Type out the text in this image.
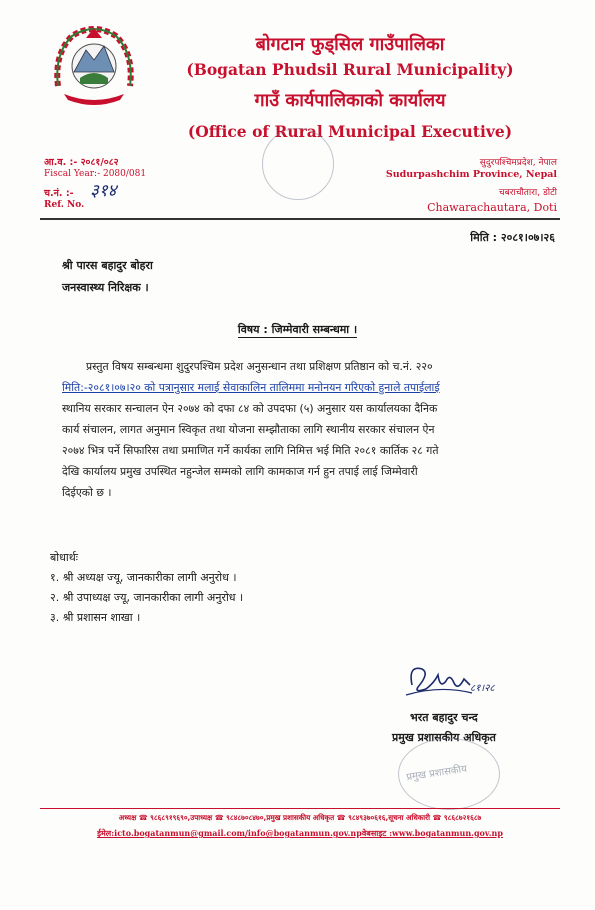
बोगटान फुड्सिल गाउँपालिका
(Bogatan Phudsil Rural Municipality)
गाउँ कार्यपालिकाको कार्यालय
(Office of Rural Municipal Executive)
आ.व. :- २०८१/०८२
Fiscal Year:- 2080/081
च.नं. :- ३१४
Ref. No.
सुदुरपश्चिमप्रदेश, नेपाल
Sudurpashchim Province, Nepal
चबराचौतारा, डोटी
Chawarachautara, Doti
मिति : २०८१।०७।२६
श्री पारस बहादुर बोहरा
जनस्वास्थ्य निरिक्षक ।
विषय : जिम्मेवारी सम्बन्धमा ।
प्रस्तुत विषय सम्बन्धमा शुदुरपश्चिम प्रदेश अनुसन्धान तथा प्रशिक्षण प्रतिष्ठान को च.नं. २२०
मिति:-२०८१।०७।२० को पत्रानुसार मलाई सेवाकालिन तालिममा मनोनयन गरिएको हुनाले तपाईलाई
स्थानिय सरकार सन्चालन ऐन २०७४ को दफा ८४ को उपदफा (५) अनुसार यस कार्यालयका दैनिक
कार्य संचालन, लागत अनुमान स्विकृत तथा योजना सम्झौताका लागि स्थानीय सरकार संचालन ऐन
२०७४ भित्र पर्ने सिफारिस तथा प्रमाणित गर्ने कार्यका लागि निमित्त भई मिति २०८१ कार्तिक २८ गते
देखि कार्यालय प्रमुख उपस्थित नहुन्जेल सम्मको लागि कामकाज गर्न हुन तपाई लाई जिम्मेवारी
दिईएको छ ।
बोधार्थः
१. श्री अध्यक्ष ज्यू, जानकारीका लागी अनुरोध ।
२. श्री उपाध्यक्ष ज्यू, जानकारीका लागी अनुरोध ।
३. श्री प्रशासन शाखा ।
८१।२८
भरत बहादुर चन्द
प्रमुख प्रशासकीय अधिकृत
प्रमुख प्रशासकीय
अध्यक्ष ☎ ९८६८९१९६९०,उपाध्यक्ष ☎ ९८४८७०८४७०,प्रमुख प्रशासकीय अधिकृत ☎ ९८४९३७०६१६,सूचना अधिकारी ☎ ९८६८७२१६८७
ईमेल:icto.bogatanmun@gmail.com/info@bogatanmun.gov.npवेबसाइट :www.bogatanmun.gov.np
